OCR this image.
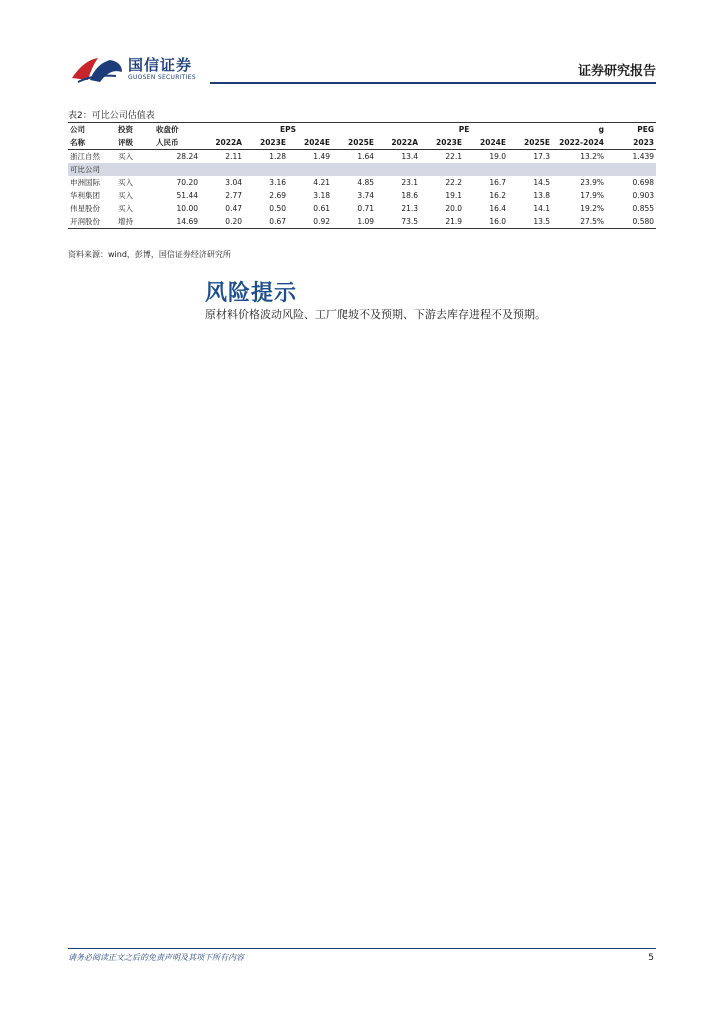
国信证券
GUOSEN SECURITIES	证券研究报告
表2：可比公司估值表
公司	投资	收盘价	EPS				PE				g	PEG
名称	评级	人民币	2022A	2023E	2024E	2025E	2022A	2023E	2024E	2025E	2022-2024	2023
浙江自然	买入	28.24	2.11	1.28	1.49	1.64	13.4	22.1	19.0	17.3	13.2%	1.439
可比公司												
申洲国际	买入	70.20	3.04	3.16	4.21	4.85	23.1	22.2	16.7	14.5	23.9%	0.698
华利集团	买入	51.44	2.77	2.69	3.18	3.74	18.6	19.1	16.2	13.8	17.9%	0.903
伟星股份	买入	10.00	0.47	0.50	0.61	0.71	21.3	20.0	16.4	14.1	19.2%	0.855
开润股份	增持	14.69	0.20	0.67	0.92	1.09	73.5	21.9	16.0	13.5	27.5%	0.580
资料来源：wind，彭博，国信证券经济研究所
风险提示
原材料价格波动风险、工厂爬坡不及预期、下游去库存进程不及预期。
请务必阅读正文之后的免责声明及其项下所有内容	5
